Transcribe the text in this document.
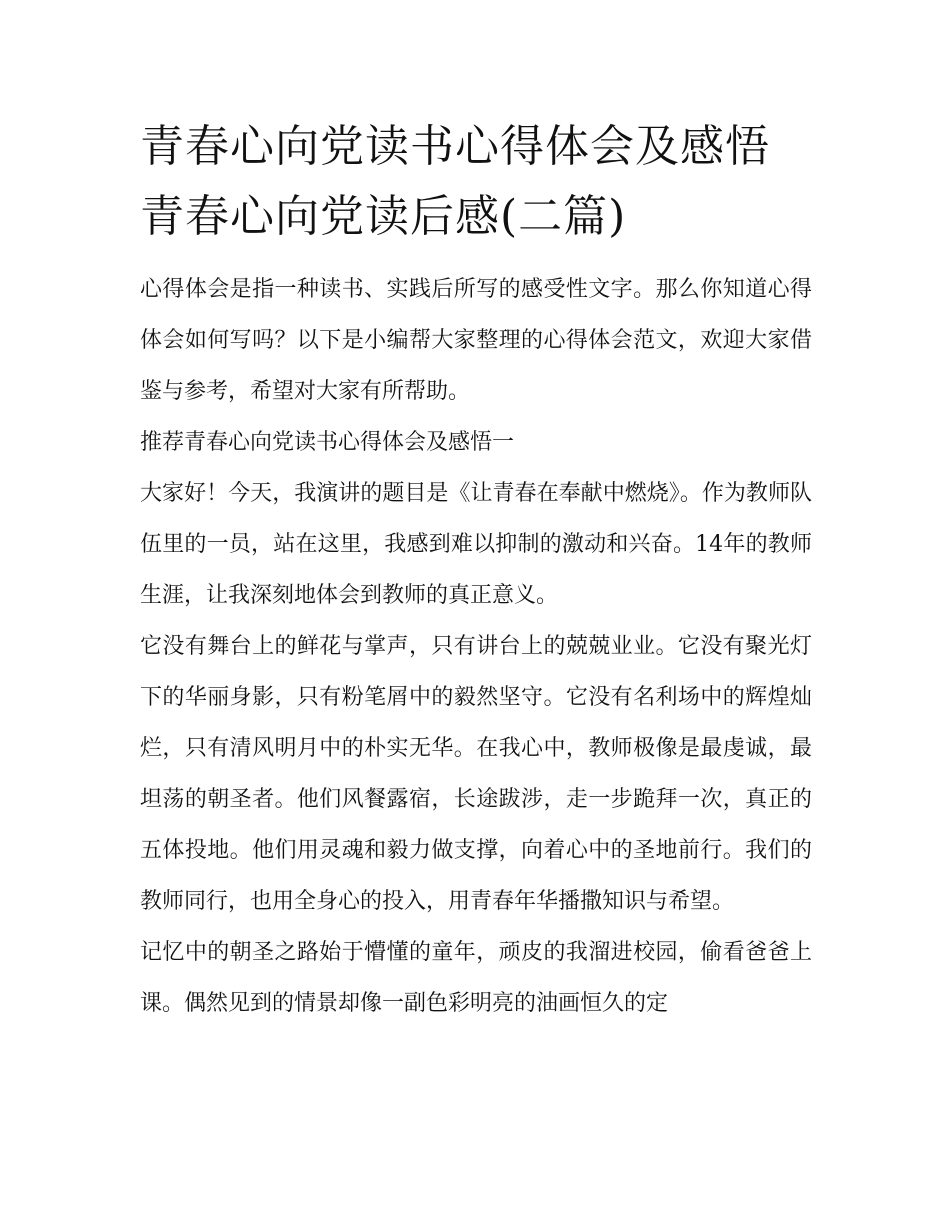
青春心向党读书心得体会及感悟 青春心向党读后感(二篇)

心得体会是指一种读书、实践后所写的感受性文字。那么你知道心得体会如何写吗？以下是小编帮大家整理的心得体会范文，欢迎大家借鉴与参考，希望对大家有所帮助。

推荐青春心向党读书心得体会及感悟一

大家好！今天，我演讲的题目是《让青春在奉献中燃烧》。作为教师队伍里的一员，站在这里，我感到难以抑制的激动和兴奋。14年的教师生涯，让我深刻地体会到教师的真正意义。

它没有舞台上的鲜花与掌声，只有讲台上的兢兢业业。它没有聚光灯下的华丽身影，只有粉笔屑中的毅然坚守。它没有名利场中的辉煌灿烂，只有清风明月中的朴实无华。在我心中，教师极像是最虔诚，最坦荡的朝圣者。他们风餐露宿，长途跋涉，走一步跪拜一次，真正的五体投地。他们用灵魂和毅力做支撑，向着心中的圣地前行。我们的教师同行，也用全身心的投入，用青春年华播撒知识与希望。

记忆中的朝圣之路始于懵懂的童年，顽皮的我溜进校园，偷看爸爸上课。偶然见到的情景却像一副色彩明亮的油画恒久的定
